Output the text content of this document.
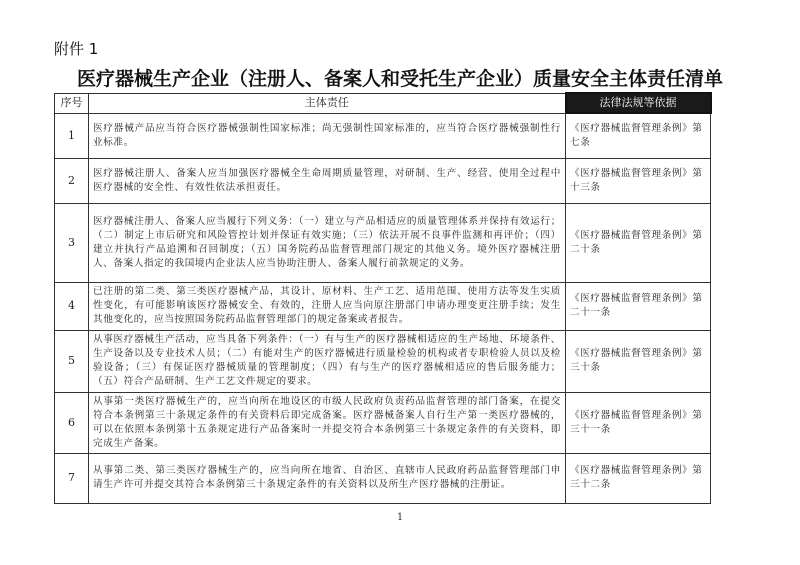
附件 1
医疗器械生产企业（注册人、备案人和受托生产企业）质量安全主体责任清单
序号	主体责任	法律法规等依据
1	医疗器械产品应当符合医疗器械强制性国家标准；尚无强制性国家标准的，应当符合医疗器械强制性行业标准。	《医疗器械监督管理条例》第七条
2	医疗器械注册人、备案人应当加强医疗器械全生命周期质量管理，对研制、生产、经营、使用全过程中医疗器械的安全性、有效性依法承担责任。	《医疗器械监督管理条例》第十三条
3	医疗器械注册人、备案人应当履行下列义务：（一）建立与产品相适应的质量管理体系并保持有效运行；（二）制定上市后研究和风险管控计划并保证有效实施；（三）依法开展不良事件监测和再评价；（四）建立并执行产品追溯和召回制度；（五）国务院药品监督管理部门规定的其他义务。境外医疗器械注册人、备案人指定的我国境内企业法人应当协助注册人、备案人履行前款规定的义务。	《医疗器械监督管理条例》第二十条
4	已注册的第二类、第三类医疗器械产品，其设计、原材料、生产工艺、适用范围、使用方法等发生实质性变化，有可能影响该医疗器械安全、有效的，注册人应当向原注册部门申请办理变更注册手续；发生其他变化的，应当按照国务院药品监督管理部门的规定备案或者报告。	《医疗器械监督管理条例》第二十一条
5	从事医疗器械生产活动，应当具备下列条件：（一）有与生产的医疗器械相适应的生产场地、环境条件、生产设备以及专业技术人员；（二）有能对生产的医疗器械进行质量检验的机构或者专职检验人员以及检验设备；（三）有保证医疗器械质量的管理制度；（四）有与生产的医疗器械相适应的售后服务能力；（五）符合产品研制、生产工艺文件规定的要求。	《医疗器械监督管理条例》第三十条
6	从事第一类医疗器械生产的，应当向所在地设区的市级人民政府负责药品监督管理的部门备案，在提交符合本条例第三十条规定条件的有关资料后即完成备案。医疗器械备案人自行生产第一类医疗器械的，可以在依照本条例第十五条规定进行产品备案时一并提交符合本条例第三十条规定条件的有关资料，即完成生产备案。	《医疗器械监督管理条例》第三十一条
7	从事第二类、第三类医疗器械生产的，应当向所在地省、自治区、直辖市人民政府药品监督管理部门申请生产许可并提交其符合本条例第三十条规定条件的有关资料以及所生产医疗器械的注册证。	《医疗器械监督管理条例》第三十二条
1
